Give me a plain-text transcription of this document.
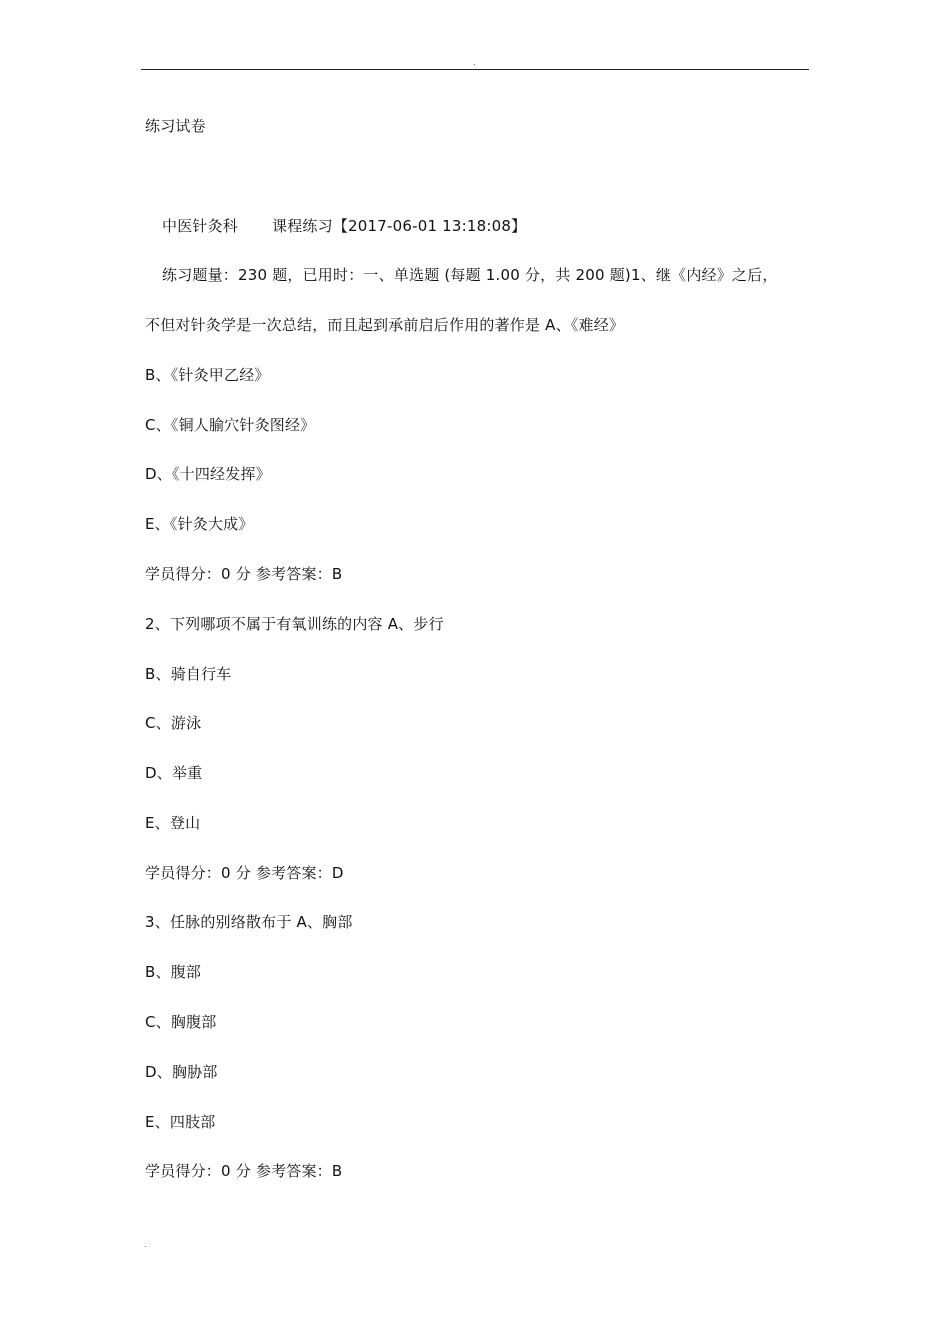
.
练习试卷
中医针灸科 课程练习【2017-06-01 13:18:08】
练习题量：230 题，已用时：一、单选题 (每题 1.00 分，共 200 题)1、继《内经》之后，
不但对针灸学是一次总结，而且起到承前启后作用的著作是 A、《难经》
B、《针灸甲乙经》
C、《铜人腧穴针灸图经》
D、《十四经发挥》
E、《针灸大成》
学员得分：0 分 参考答案：B
2、下列哪项不属于有氧训练的内容 A、步行
B、骑自行车
C、游泳
D、举重
E、登山
学员得分：0 分 参考答案：D
3、任脉的别络散布于 A、胸部
B、腹部
C、胸腹部
D、胸胁部
E、四肢部
学员得分：0 分 参考答案：B
.
